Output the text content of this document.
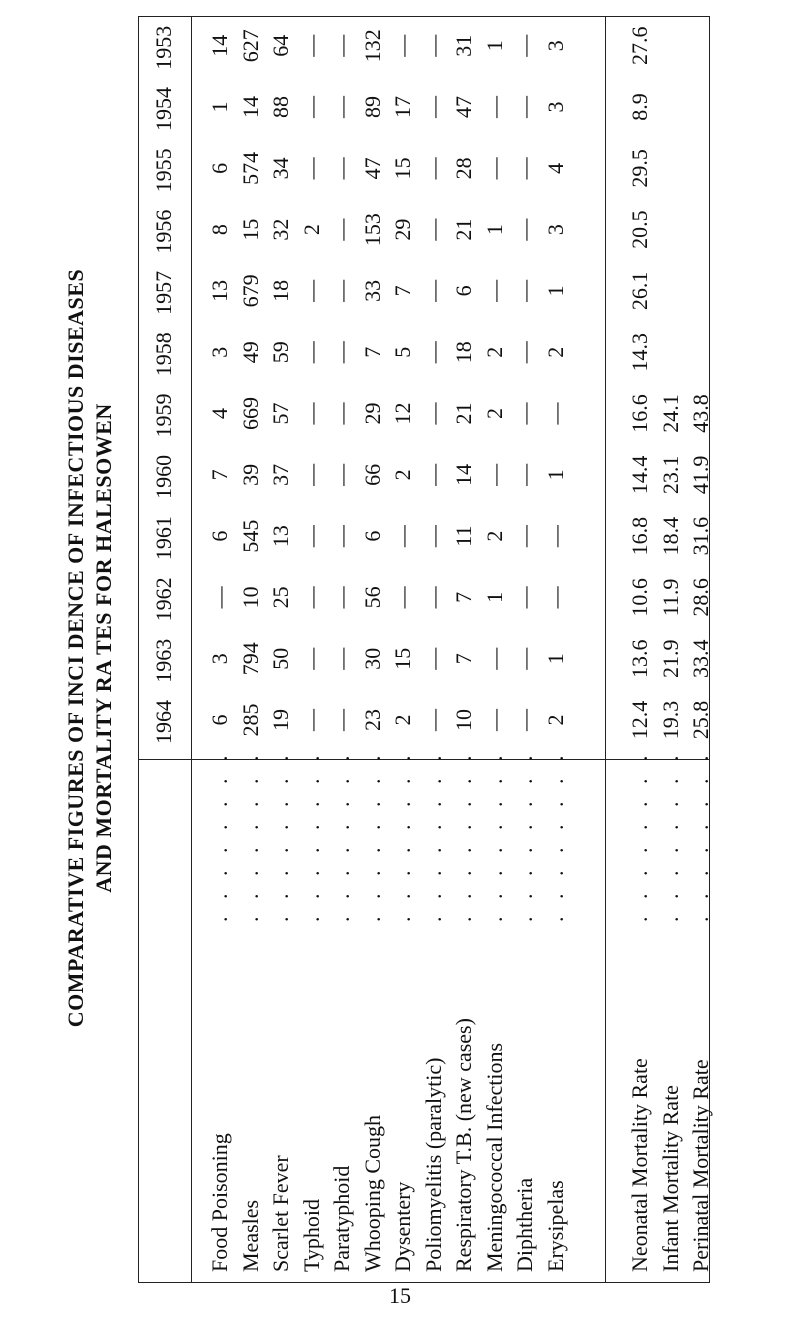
COMPARATIVE FIGURES OF INCI DENCE OF INFECTIOUS DISEASES AND MORTALITY RA TES FOR HALESOWEN 1964
1963
1962
1961
1960
1959
1958
1957
1956
1955
1954
1953
Food Poisoning
. . . . . . . .
6
3
—
6
7
4
3
13
8
6
1
14
Measles
. . . . . . . .
285
794
10
545
39
669
49
679
15
574
14
627
Scarlet Fever
. . . . . . . .
19
50
25
13
37
57
59
18
32
34
88
64
Typhoid
. . . . . . . .
—
—
—
—
—
—
—
—
2
—
—
—
Paratyphoid
. . . . . . . .
—
—
—
—
—
—
—
—
—
—
—
—
Whooping Cough
. . . . . . . .
23
30
56
6
66
29
7
33
153
47
89
132
Dysentery
. . . . . . . .
2
15
—
—
2
12
5
7
29
15
17
—
Poliomyelitis (paralytic)
. . . . . . . .
—
—
—
—
—
—
—
—
—
—
—
—
Respiratory T.B. (new cases)
. . . . . . . .
10
7
7
11
14
21
18
6
21
28
47
31
Meningococcal Infections
. . . . . . . .
—
—
1
2
—
2
2
—
1
—
—
1
Diphtheria
. . . . . . . .
—
—
—
—
—
—
—
—
—
—
—
—
Erysipelas
. . . . . . . .
2
1
—
—
1
—
2
1
3
4
3
3
Neonatal Mortality Rate
. . . . . . . .
12.4
13.6
10.6
16.8
14.4
16.6
14.3
26.1
20.5
29.5
8.9
27.6
Infant Mortality Rate
. . . . . . . .
19.3
21.9
11.9
18.4
23.1
24.1
Perinatal Mortality Rate
. . . . . . . .
25.8
33.4
28.6
31.6
41.9
43.8
15
